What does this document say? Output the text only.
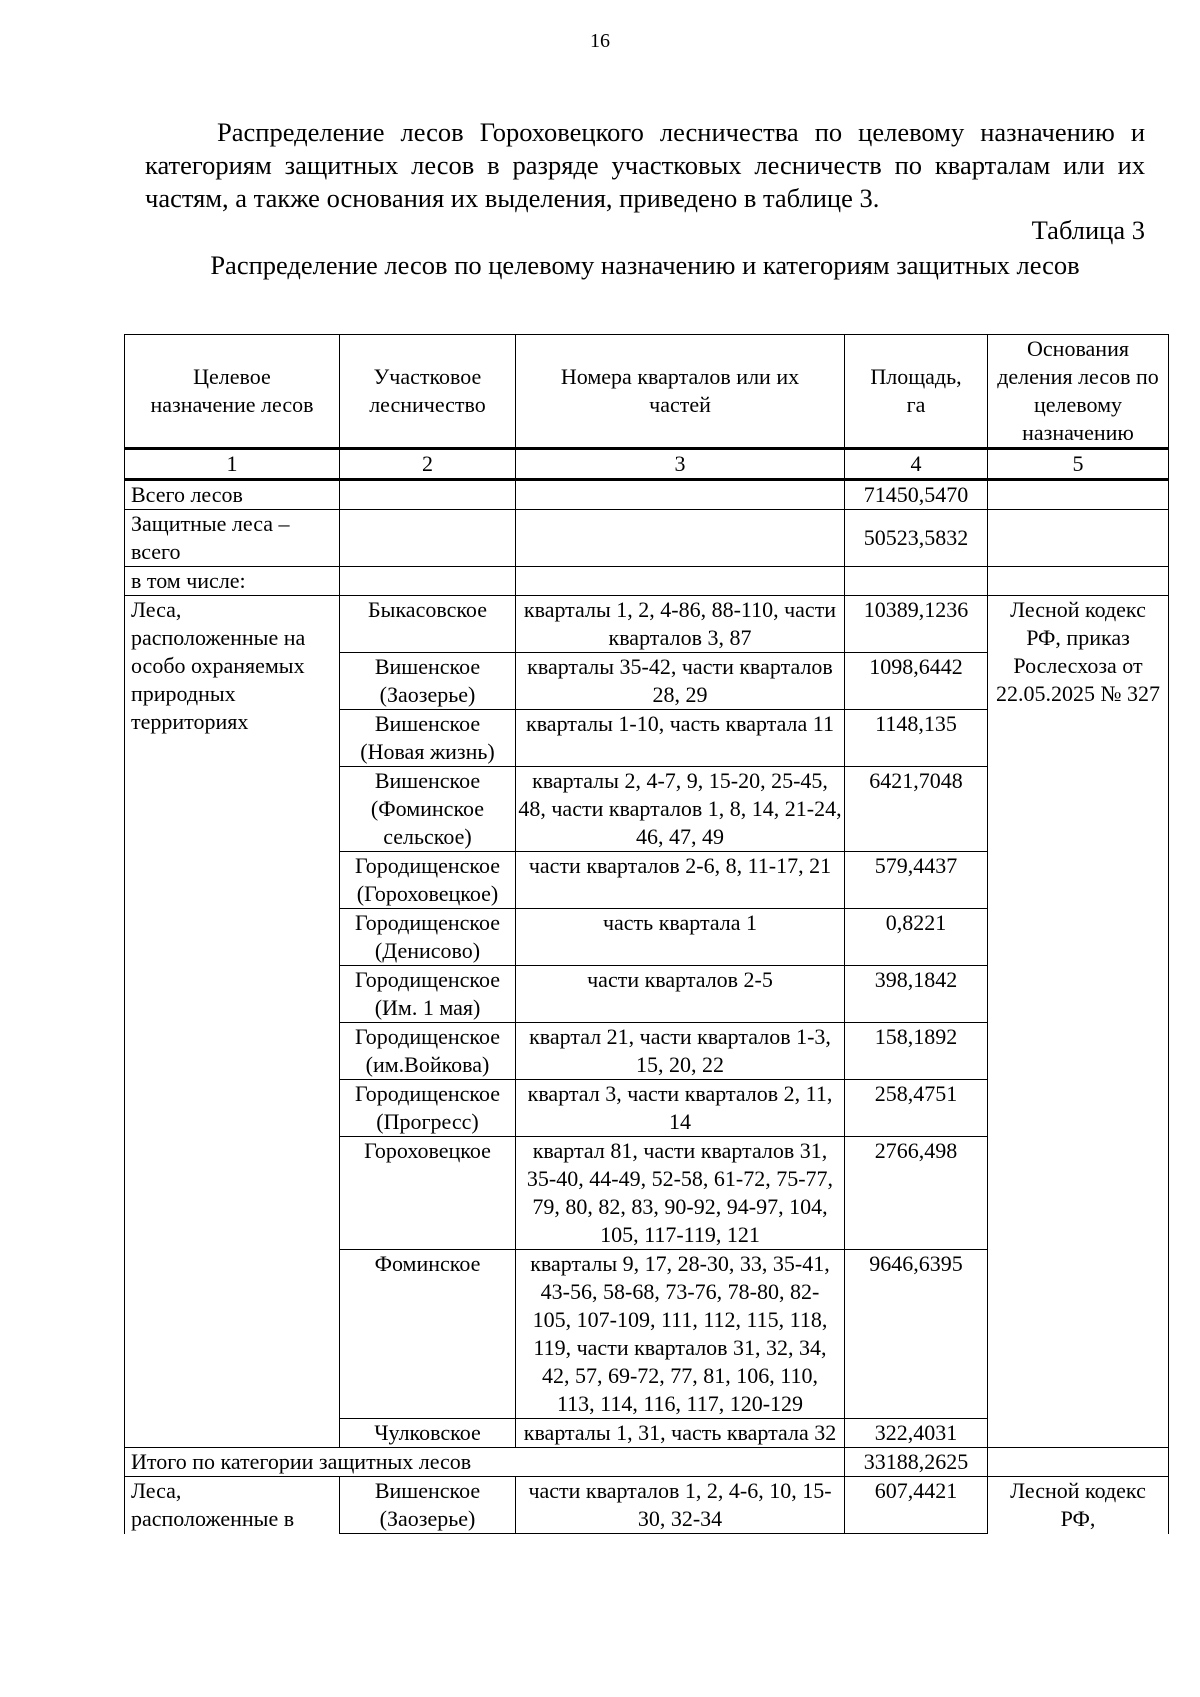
16

Распределение лесов Гороховецкого лесничества по целевому назначению и категориям защитных лесов в разряде участковых лесничеств по кварталам или их частям, а также основания их выделения, приведено в таблице 3.

Таблица 3
Распределение лесов по целевому назначению и категориям защитных лесов
Целевое назначение лесов	Участковое лесничество	Номера кварталов или их частей	Площадь, га	Основания деления лесов по целевому назначению
1	2	3	4	5
Всего лесов			71450,5470	
Защитные леса – всего			50523,5832	
в том числе:				
Леса, расположенные на особо охраняемых природных территориях	Быкасовское	кварталы 1, 2, 4-86, 88-110, части кварталов 3, 87	10389,1236	Лесной кодекс РФ, приказ Рослесхоза от 22.05.2025 № 327
	Вишенское (Заозерье)	кварталы 35-42, части кварталов 28, 29	1098,6442	
	Вишенское (Новая жизнь)	кварталы 1-10, часть квартала 11	1148,135	
	Вишенское (Фоминское сельское)	кварталы 2, 4-7, 9, 15-20, 25-45, 48, части кварталов 1, 8, 14, 21-24, 46, 47, 49	6421,7048	
	Городищенское (Гороховецкое)	части кварталов 2-6, 8, 11-17, 21	579,4437	
	Городищенское (Денисово)	часть квартала 1	0,8221	
	Городищенское (Им. 1 мая)	части кварталов 2-5	398,1842	
	Городищенское (им.Войкова)	квартал 21, части кварталов 1-3, 15, 20, 22	158,1892	
	Городищенское (Прогресс)	квартал 3, части кварталов 2, 11, 14	258,4751	
	Гороховецкое	квартал 81, части кварталов 31, 35-40, 44-49, 52-58, 61-72, 75-77, 79, 80, 82, 83, 90-92, 94-97, 104, 105, 117-119, 121	2766,498	
	Фоминское	кварталы 9, 17, 28-30, 33, 35-41, 43-56, 58-68, 73-76, 78-80, 82-105, 107-109, 111, 112, 115, 118, 119, части кварталов 31, 32, 34, 42, 57, 69-72, 77, 81, 106, 110, 113, 114, 116, 117, 120-129	9646,6395	
	Чулковское	кварталы 1, 31, часть квартала 32	322,4031	
Итого по категории защитных лесов			33188,2625	
Леса, расположенные в	Вишенское (Заозерье)	части кварталов 1, 2, 4-6, 10, 15-30, 32-34	607,4421	Лесной кодекс РФ,
